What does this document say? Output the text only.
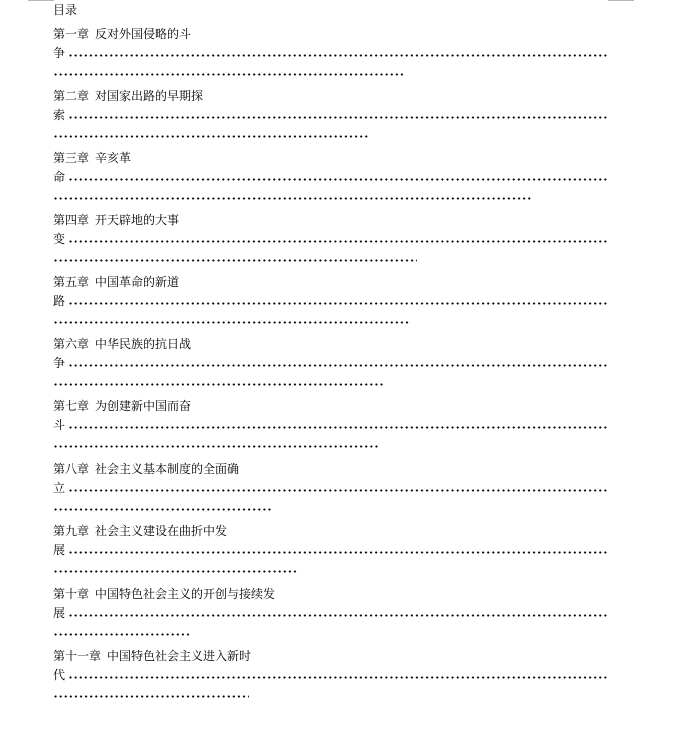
目录
第一章 反对外国侵略的斗
争
第二章 对国家出路的早期探
索
第三章 辛亥革
命
第四章 开天辟地的大事
变
第五章 中国革命的新道
路
第六章 中华民族的抗日战
争
第七章 为创建新中国而奋
斗
第八章 社会主义基本制度的全面确
立
第九章 社会主义建设在曲折中发
展
第十章 中国特色社会主义的开创与接续发
展
第十一章 中国特色社会主义进入新时
代
